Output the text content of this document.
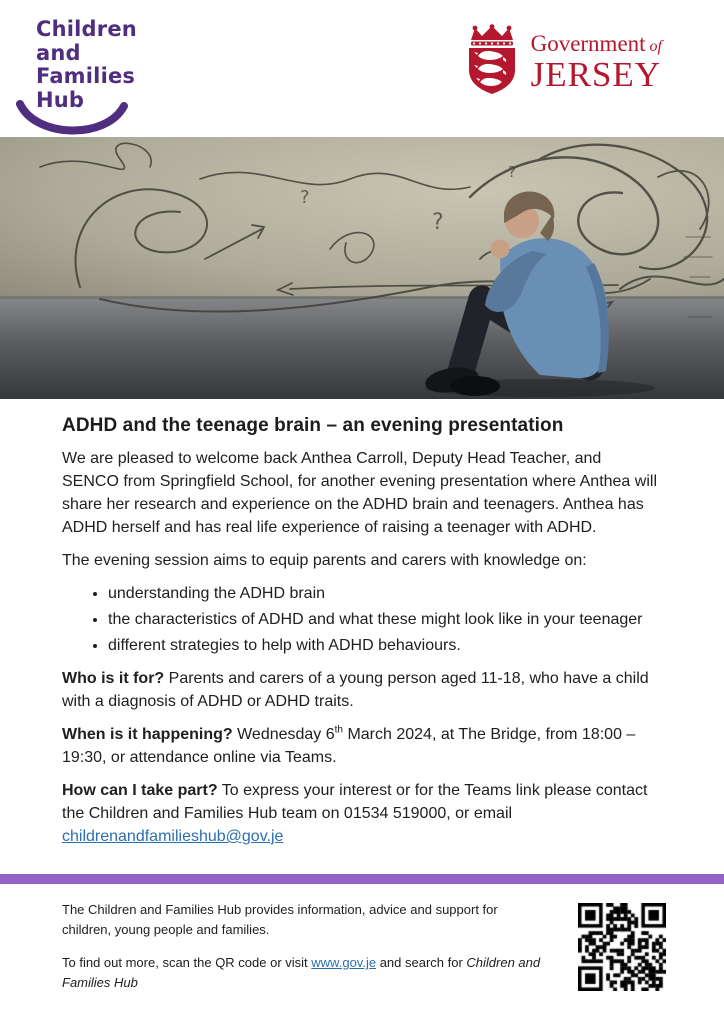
Children
and
Families
Hub
Government of
JERSEY
?
?
?
ADHD and the teenage brain – an evening presentation

We are pleased to welcome back Anthea Carroll, Deputy Head Teacher, and SENCO from Springfield School, for another evening presentation where Anthea will share her research and experience on the ADHD brain and teenagers. Anthea has ADHD herself and has real life experience of raising a teenager with ADHD.

The evening session aims to equip parents and carers with knowledge on:

• understanding the ADHD brain
• the characteristics of ADHD and what these might look like in your teenager
• different strategies to help with ADHD behaviours.

Who is it for? Parents and carers of a young person aged 11-18, who have a child with a diagnosis of ADHD or ADHD traits.

When is it happening? Wednesday 6th March 2024, at The Bridge, from 18:00 – 19:30, or attendance online via Teams.

How can I take part? To express your interest or for the Teams link please contact the Children and Families Hub team on 01534 519000, or email childrenandfamilieshub@gov.je

The Children and Families Hub provides information, advice and support for children, young people and families.

To find out more, scan the QR code or visit www.gov.je and search for Children and Families Hub
